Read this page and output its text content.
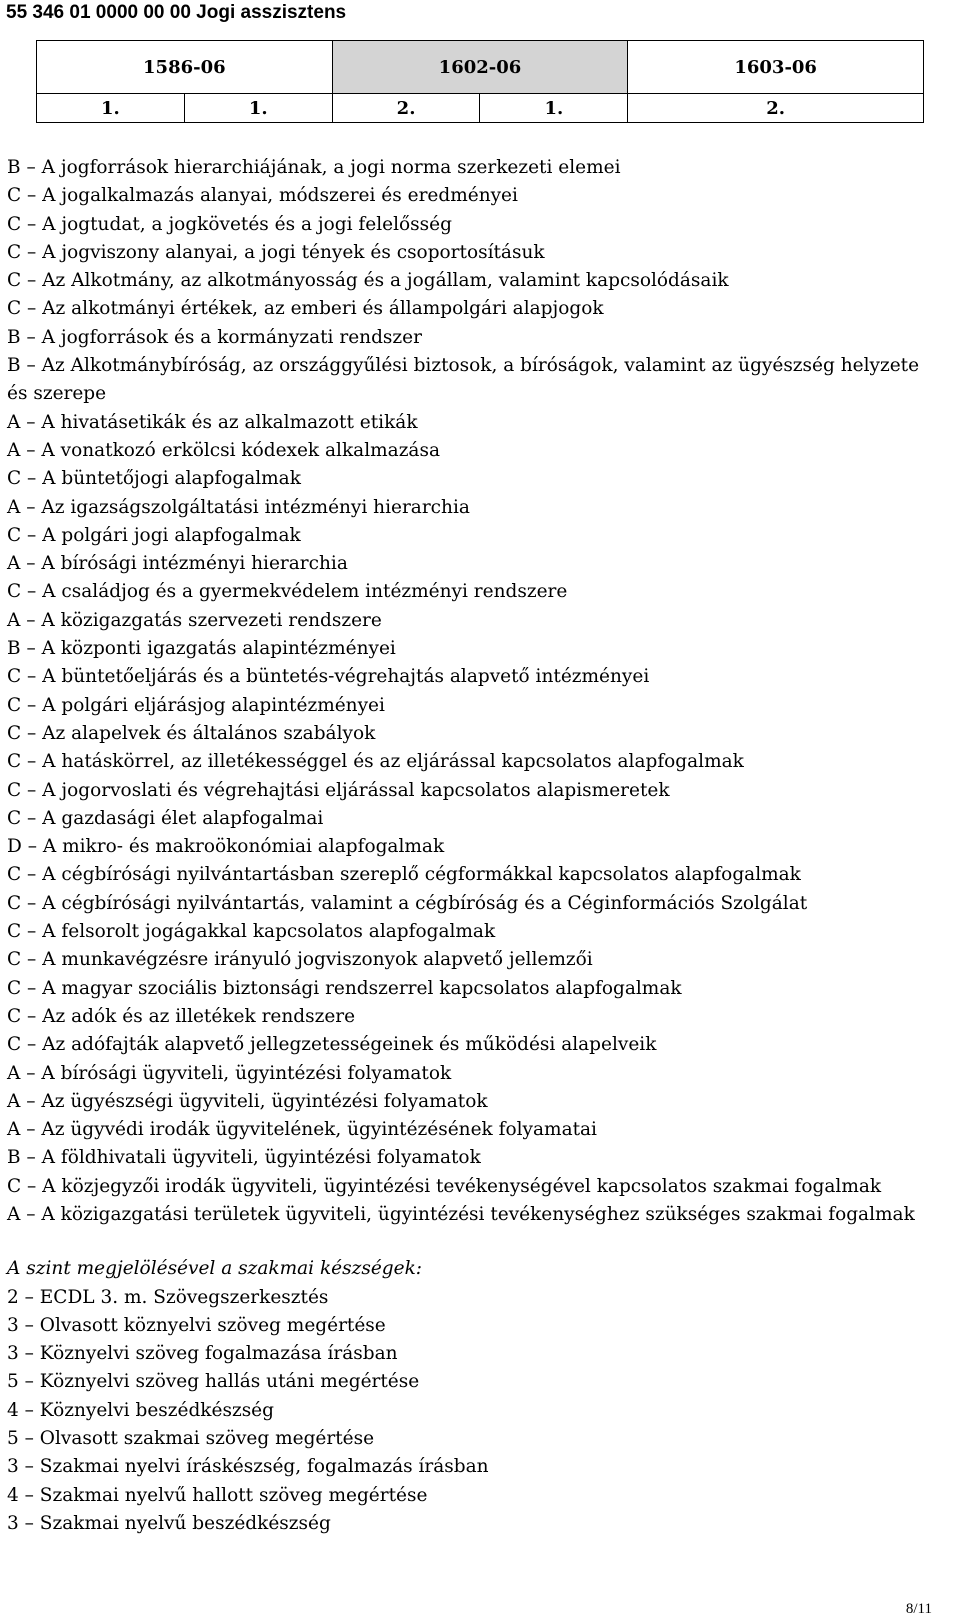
55 346 01 0000 00 00 Jogi asszisztens
1586-06		1602-06		1603-06
1.	1.	2.	1.	2.
B – A jogforrások hierarchiájának, a jogi norma szerkezeti elemei
C – A jogalkalmazás alanyai, módszerei és eredményei
C – A jogtudat, a jogkövetés és a jogi felelősség
C – A jogviszony alanyai, a jogi tények és csoportosításuk
C – Az Alkotmány, az alkotmányosság és a jogállam, valamint kapcsolódásaik
C – Az alkotmányi értékek, az emberi és állampolgári alapjogok
B – A jogforrások és a kormányzati rendszer
B – Az Alkotmánybíróság, az országgyűlési biztosok, a bíróságok, valamint az ügyészség helyzete és szerepe
A – A hivatásetikák és az alkalmazott etikák
A – A vonatkozó erkölcsi kódexek alkalmazása
C – A büntetőjogi alapfogalmak
A – Az igazságszolgáltatási intézményi hierarchia
C – A polgári jogi alapfogalmak
A – A bírósági intézményi hierarchia
C – A családjog és a gyermekvédelem intézményi rendszere
A – A közigazgatás szervezeti rendszere
B – A központi igazgatás alapintézményei
C – A büntetőeljárás és a büntetés-végrehajtás alapvető intézményei
C – A polgári eljárásjog alapintézményei
C – Az alapelvek és általános szabályok
C – A hatáskörrel, az illetékességgel és az eljárással kapcsolatos alapfogalmak
C – A jogorvoslati és végrehajtási eljárással kapcsolatos alapismeretek
C – A gazdasági élet alapfogalmai
D – A mikro- és makroökonómiai alapfogalmak
C – A cégbírósági nyilvántartásban szereplő cégformákkal kapcsolatos alapfogalmak
C – A cégbírósági nyilvántartás, valamint a cégbíróság és a Céginformációs Szolgálat
C – A felsorolt jogágakkal kapcsolatos alapfogalmak
C – A munkavégzésre irányuló jogviszonyok alapvető jellemzői
C – A magyar szociális biztonsági rendszerrel kapcsolatos alapfogalmak
C – Az adók és az illetékek rendszere
C – Az adófajták alapvető jellegzetességeinek és működési alapelveik
A – A bírósági ügyviteli, ügyintézési folyamatok
A – Az ügyészségi ügyviteli, ügyintézési folyamatok
A – Az ügyvédi irodák ügyvitelének, ügyintézésének folyamatai
B – A földhivatali ügyviteli, ügyintézési folyamatok
C – A közjegyzői irodák ügyviteli, ügyintézési tevékenységével kapcsolatos szakmai fogalmak
A – A közigazgatási területek ügyviteli, ügyintézési tevékenységhez szükséges szakmai fogalmak
A szint megjelölésével a szakmai készségek:
2 – ECDL 3. m. Szövegszerkesztés
3 – Olvasott köznyelvi szöveg megértése
3 – Köznyelvi szöveg fogalmazása írásban
5 – Köznyelvi szöveg hallás utáni megértése
4 – Köznyelvi beszédkészség
5 – Olvasott szakmai szöveg megértése
3 – Szakmai nyelvi íráskészség, fogalmazás írásban
4 – Szakmai nyelvű hallott szöveg megértése
3 – Szakmai nyelvű beszédkészség
8/11
